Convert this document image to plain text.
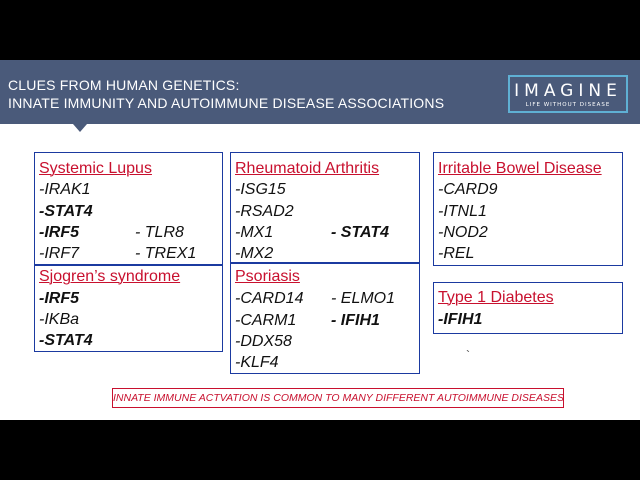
CLUES FROM HUMAN GENETICS:
INNATE IMMUNITY AND AUTOIMMUNE DISEASE ASSOCIATIONS
IMAGINE
LIFE WITHOUT DISEASE
Systemic Lupus
-IRAK1
-STAT4
-IRF5	- TLR8
-IRF7	- TREX1
Sjogren’s syndrome
-IRF5
-IKBa
-STAT4
Rheumatoid Arthritis
-ISG15
-RSAD2
-MX1	- STAT4
-MX2
Psoriasis
-CARD14 - ELMO1
-CARM1 - IFIH1
-DDX58
-KLF4
Irritable Bowel Disease
-CARD9
-ITNL1
-NOD2
-REL
Type 1 Diabetes
-IFIH1
`
INNATE IMMUNE ACTVATION IS COMMON TO MANY DIFFERENT AUTOIMMUNE DISEASES
